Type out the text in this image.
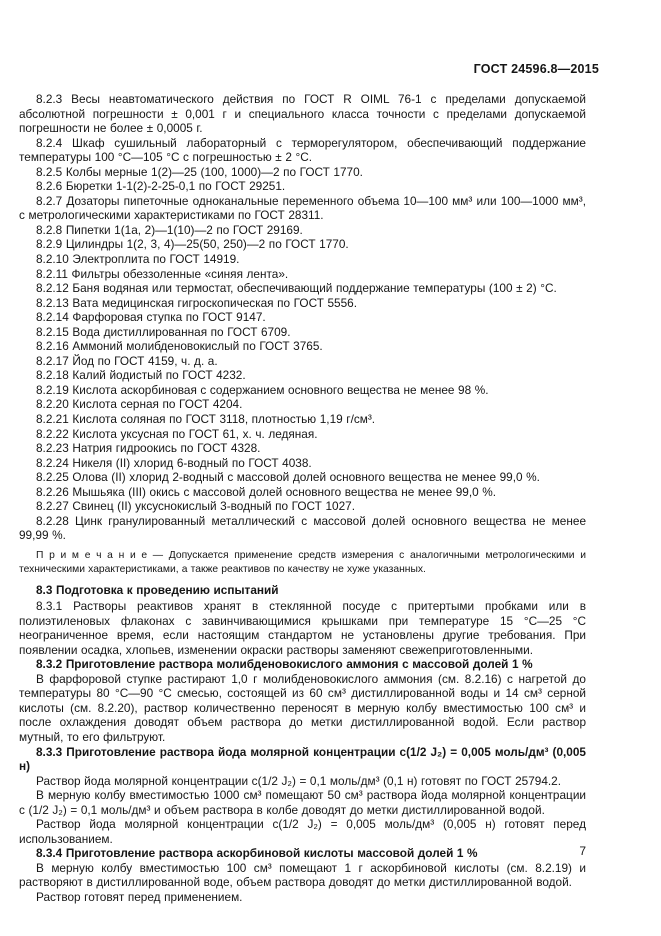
ГОСТ 24596.8—2015

8.2.3 Весы неавтоматического действия по ГОСТ R OIML 76-1 с пределами допускаемой абсолютной погрешности ± 0,001 г и специального класса точности с пределами допускаемой погрешности не более ± 0,0005 г.

8.2.4 Шкаф сушильный лабораторный с терморегулятором, обеспечивающий поддержание температуры 100 °С—105 °С с погрешностью ± 2 °С.

8.2.5 Колбы мерные 1(2)—25 (100, 1000)—2 по ГОСТ 1770.

8.2.6 Бюретки 1-1(2)-2-25-0,1 по ГОСТ 29251.

8.2.7 Дозаторы пипеточные одноканальные переменного объема 10—100 мм³ или 100—1000 мм³, с метрологическими характеристиками по ГОСТ 28311.

8.2.8 Пипетки 1(1а, 2)—1(10)—2 по ГОСТ 29169.

8.2.9 Цилиндры 1(2, 3, 4)—25(50, 250)—2 по ГОСТ 1770.

8.2.10 Электроплита по ГОСТ 14919.

8.2.11 Фильтры обеззоленные «синяя лента».

8.2.12 Баня водяная или термостат, обеспечивающий поддержание температуры (100 ± 2) °С.

8.2.13 Вата медицинская гигроскопическая по ГОСТ 5556.

8.2.14 Фарфоровая ступка по ГОСТ 9147.

8.2.15 Вода дистиллированная по ГОСТ 6709.

8.2.16 Аммоний молибденовокислый по ГОСТ 3765.

8.2.17 Йод по ГОСТ 4159, ч. д. а.

8.2.18 Калий йодистый по ГОСТ 4232.

8.2.19 Кислота аскорбиновая с содержанием основного вещества не менее 98 %.

8.2.20 Кислота серная по ГОСТ 4204.

8.2.21 Кислота соляная по ГОСТ 3118, плотностью 1,19 г/см³.

8.2.22 Кислота уксусная по ГОСТ 61, х. ч. ледяная.

8.2.23 Натрия гидроокись по ГОСТ 4328.

8.2.24 Никеля (II) хлорид 6-водный по ГОСТ 4038.

8.2.25 Олова (II) хлорид 2-водный с массовой долей основного вещества не менее 99,0 %.

8.2.26 Мышьяка (III) окись с массовой долей основного вещества не менее 99,0 %.

8.2.27 Свинец (II) уксуснокислый 3-водный по ГОСТ 1027.

8.2.28 Цинк гранулированный металлический с массовой долей основного вещества не менее 99,99 %.

П р и м е ч а н и е — Допускается применение средств измерения с аналогичными метрологическими и техническими характеристиками, а также реактивов по качеству не хуже указанных.

8.3 Подготовка к проведению испытаний

8.3.1 Растворы реактивов хранят в стеклянной посуде с притертыми пробками или в полиэтиленовых флаконах с завинчивающимися крышками при температуре 15 °С—25 °С неограниченное время, если настоящим стандартом не установлены другие требования. При появлении осадка, хлопьев, изменении окраски растворы заменяют свежеприготовленными.

8.3.2 Приготовление раствора молибденовокислого аммония с массовой долей 1 %

В фарфоровой ступке растирают 1,0 г молибденовокислого аммония (см. 8.2.16) с нагретой до температуры 80 °С—90 °С смесью, состоящей из 60 см³ дистиллированной воды и 14 см³ серной кислоты (см. 8.2.20), раствор количественно переносят в мерную колбу вместимостью 100 см³ и после охлаждения доводят объем раствора до метки дистиллированной водой. Если раствор мутный, то его фильтруют.

8.3.3 Приготовление раствора йода молярной концентрации c(1/2 J₂) = 0,005 моль/дм³ (0,005 н)

Раствор йода молярной концентрации c(1/2 J₂) = 0,1 моль/дм³ (0,1 н) готовят по ГОСТ 25794.2.

В мерную колбу вместимостью 1000 см³ помещают 50 см³ раствора йода молярной концентрации с (1/2 J₂) = 0,1 моль/дм³ и объем раствора в колбе доводят до метки дистиллированной водой.

Раствор йода молярной концентрации c(1/2 J₂) = 0,005 моль/дм³ (0,005 н) готовят перед использованием.

8.3.4 Приготовление раствора аскорбиновой кислоты массовой долей 1 %

В мерную колбу вместимостью 100 см³ помещают 1 г аскорбиновой кислоты (см. 8.2.19) и растворяют в дистиллированной воде, объем раствора доводят до метки дистиллированной водой.

Раствор готовят перед применением.

7
